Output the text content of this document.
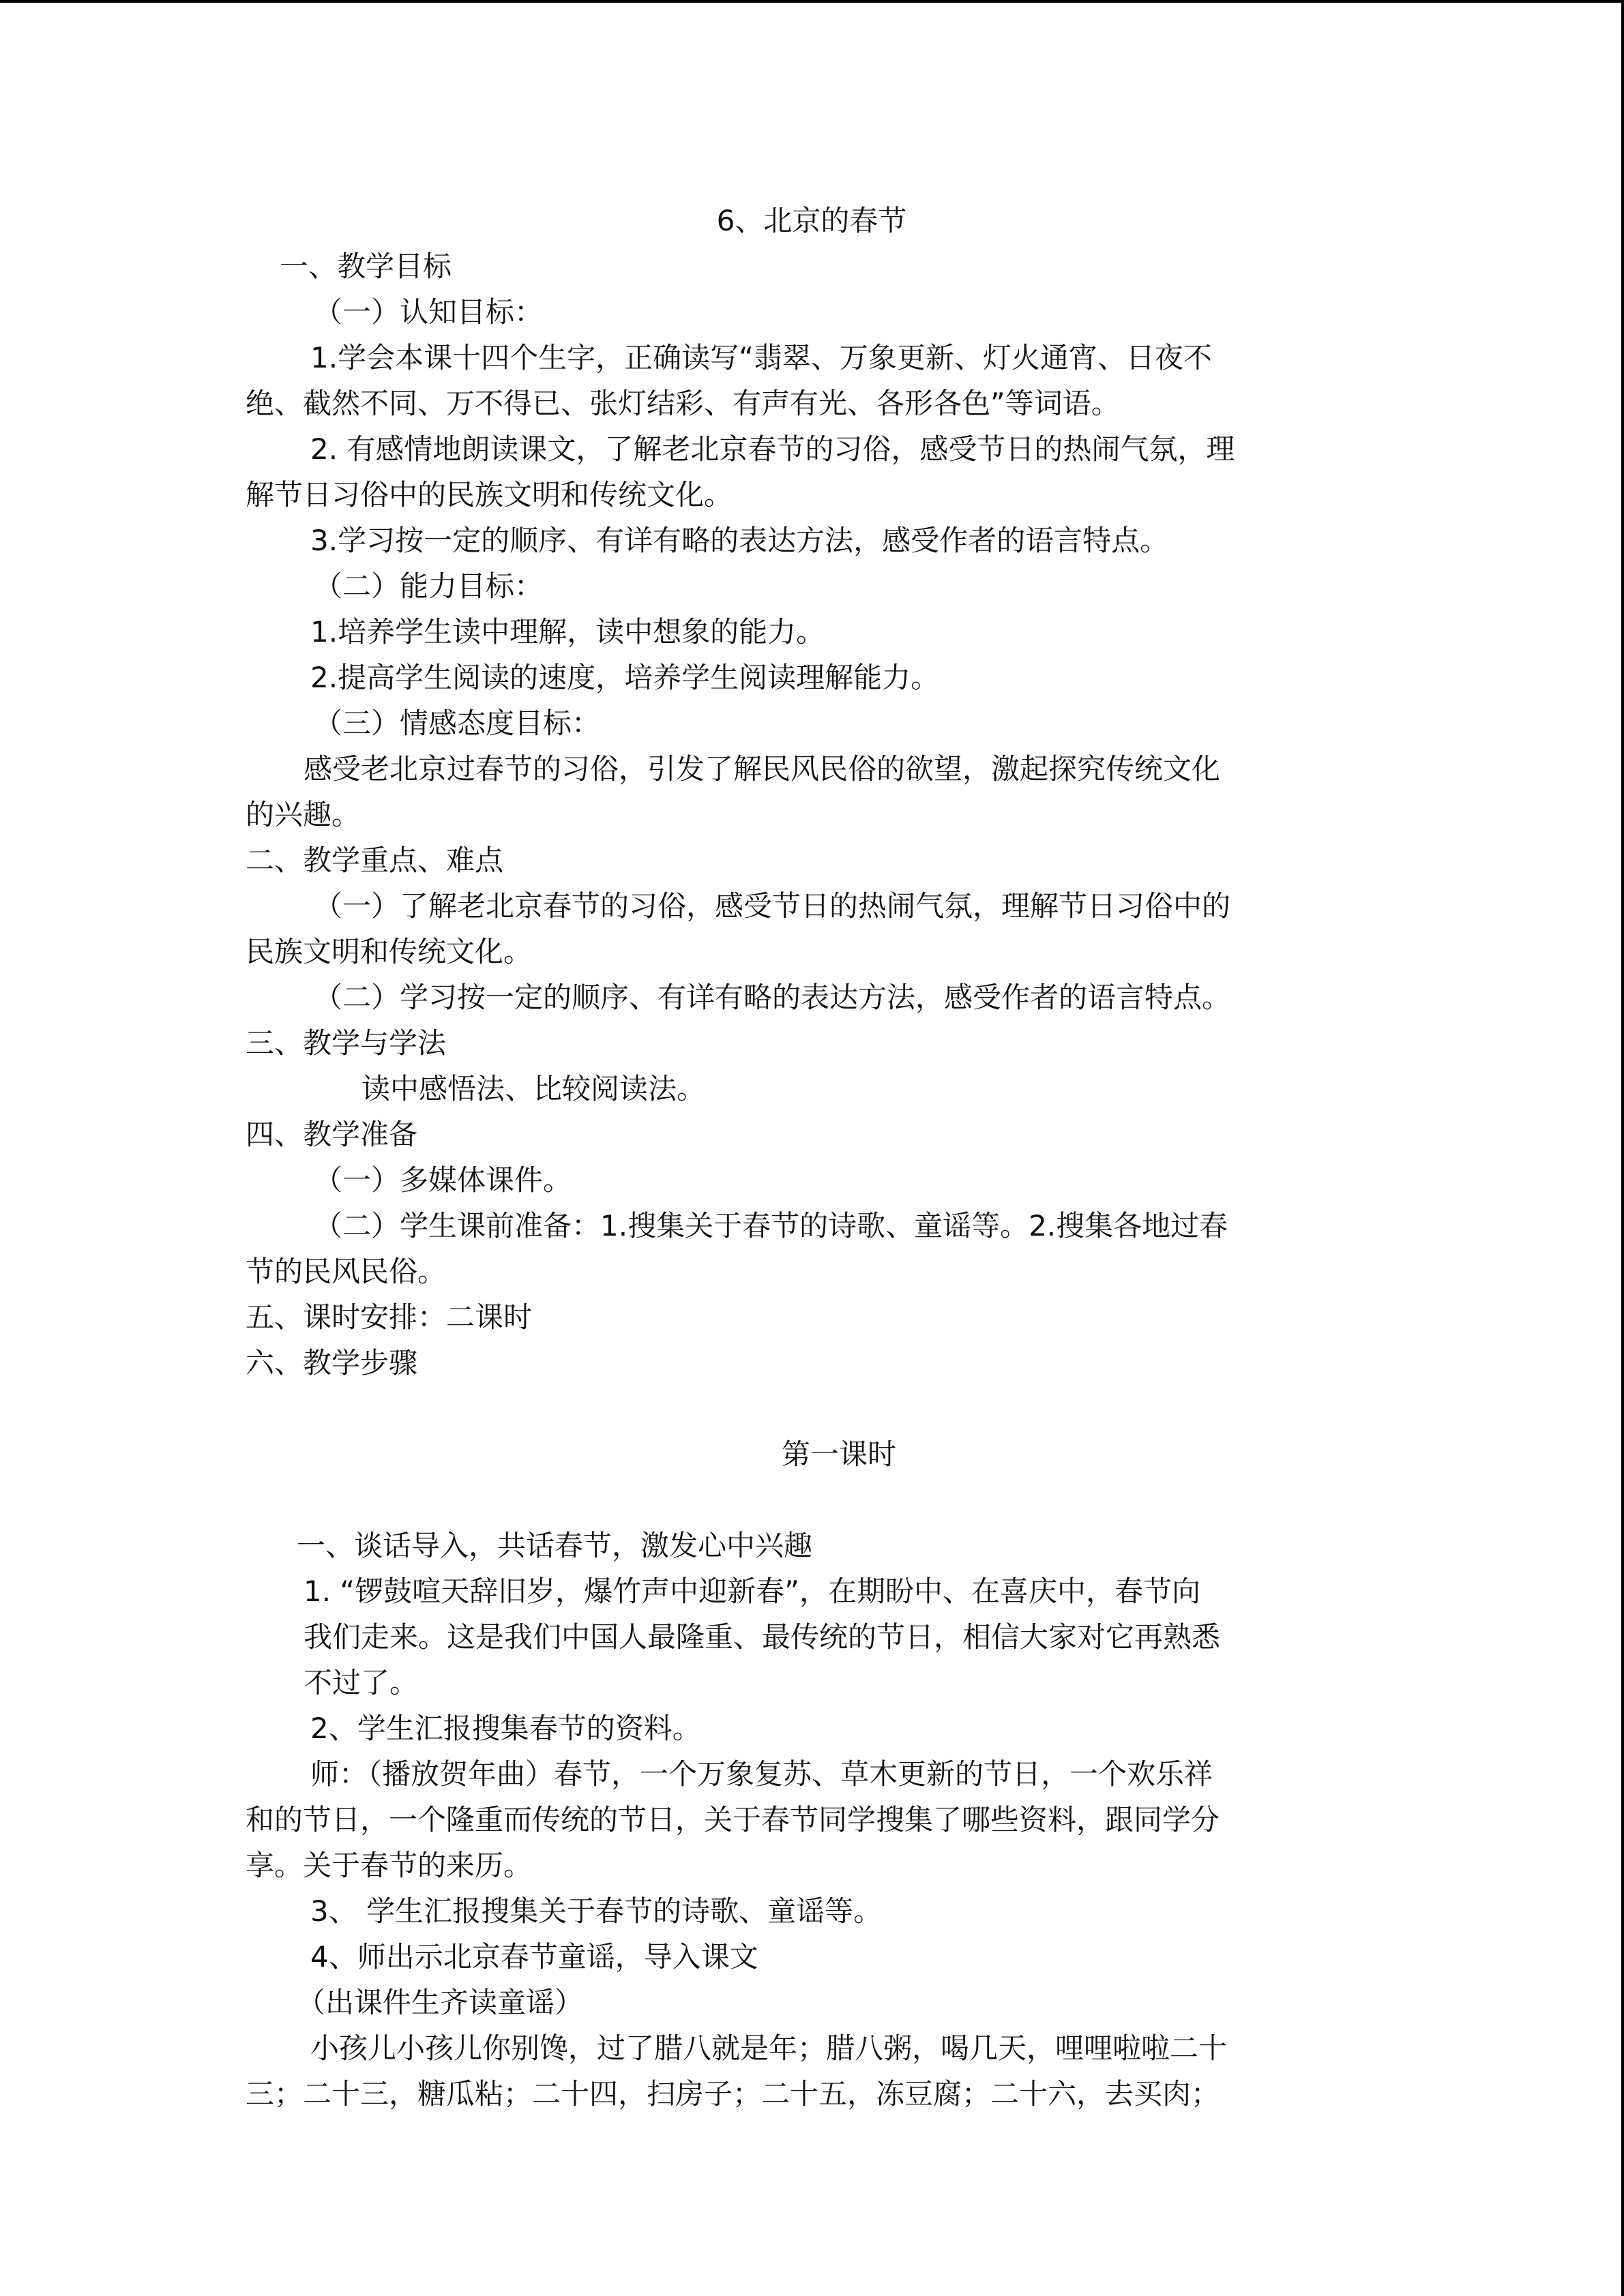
6、北京的春节
一、教学目标
（一）认知目标：
1.学会本课十四个生字，正确读写“翡翠、万象更新、灯火通宵、日夜不
绝、截然不同、万不得已、张灯结彩、有声有光、各形各色”等词语。
2. 有感情地朗读课文，了解老北京春节的习俗，感受节日的热闹气氛，理
解节日习俗中的民族文明和传统文化。
3.学习按一定的顺序、有详有略的表达方法，感受作者的语言特点。
（二）能力目标：
1.培养学生读中理解，读中想象的能力。
2.提高学生阅读的速度，培养学生阅读理解能力。
（三）情感态度目标：
感受老北京过春节的习俗，引发了解民风民俗的欲望，激起探究传统文化
的兴趣。
二、教学重点、难点
（一）了解老北京春节的习俗，感受节日的热闹气氛，理解节日习俗中的
民族文明和传统文化。
（二）学习按一定的顺序、有详有略的表达方法，感受作者的语言特点。
三、教学与学法
读中感悟法、比较阅读法。
四、教学准备
（一）多媒体课件。
（二）学生课前准备：1.搜集关于春节的诗歌、童谣等。2.搜集各地过春
节的民风民俗。
五、课时安排：二课时
六、教学步骤
第一课时
一、谈话导入，共话春节，激发心中兴趣
1. “锣鼓喧天辞旧岁，爆竹声中迎新春”，在期盼中、在喜庆中，春节向
我们走来。这是我们中国人最隆重、最传统的节日，相信大家对它再熟悉
不过了。
2、学生汇报搜集春节的资料。
师：（播放贺年曲）春节，一个万象复苏、草木更新的节日，一个欢乐祥
和的节日，一个隆重而传统的节日，关于春节同学搜集了哪些资料，跟同学分
享。关于春节的来历。
3、 学生汇报搜集关于春节的诗歌、童谣等。
4、师出示北京春节童谣，导入课文
（出课件生齐读童谣）
小孩儿小孩儿你别馋，过了腊八就是年；腊八粥，喝几天，哩哩啦啦二十
三；二十三，糖瓜粘；二十四，扫房子；二十五，冻豆腐；二十六，去买肉；
